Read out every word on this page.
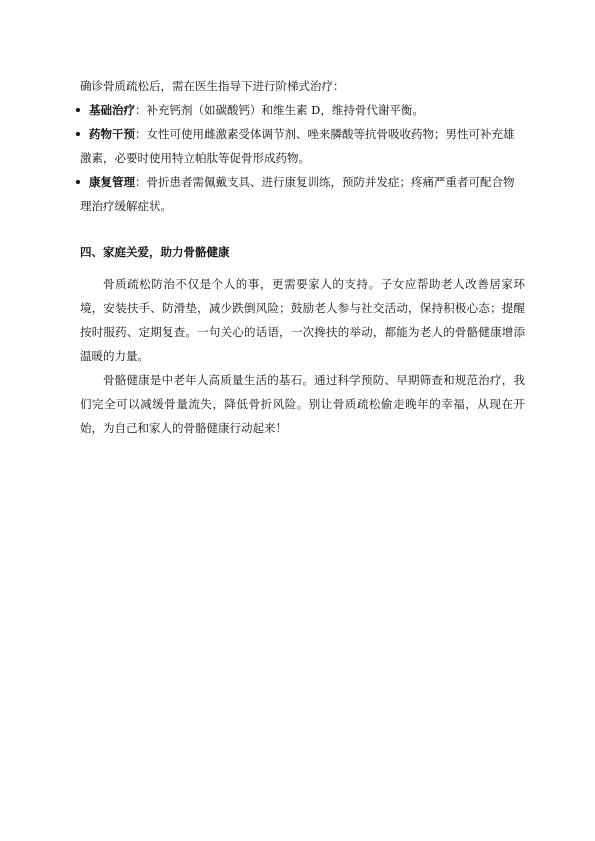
确诊骨质疏松后，需在医生指导下进行阶梯式治疗：

基础治疗：补充钙剂（如碳酸钙）和维生素 D，维持骨代谢平衡。
药物干预：女性可使用雌激素受体调节剂、唑来膦酸等抗骨吸收药物；男性可补充雄激素，必要时使用特立帕肽等促骨形成药物。
康复管理：骨折患者需佩戴支具、进行康复训练，预防并发症；疼痛严重者可配合物理治疗缓解症状。
四、家庭关爱，助力骨骼健康

骨质疏松防治不仅是个人的事，更需要家人的支持。子女应帮助老人改善居家环境，安装扶手、防滑垫，减少跌倒风险；鼓励老人参与社交活动，保持积极心态；提醒按时服药、定期复查。一句关心的话语，一次搀扶的举动，都能为老人的骨骼健康增添温暖的力量。

骨骼健康是中老年人高质量生活的基石。通过科学预防、早期筛查和规范治疗，我们完全可以减缓骨量流失，降低骨折风险。别让骨质疏松偷走晚年的幸福，从现在开始，为自己和家人的骨骼健康行动起来！
